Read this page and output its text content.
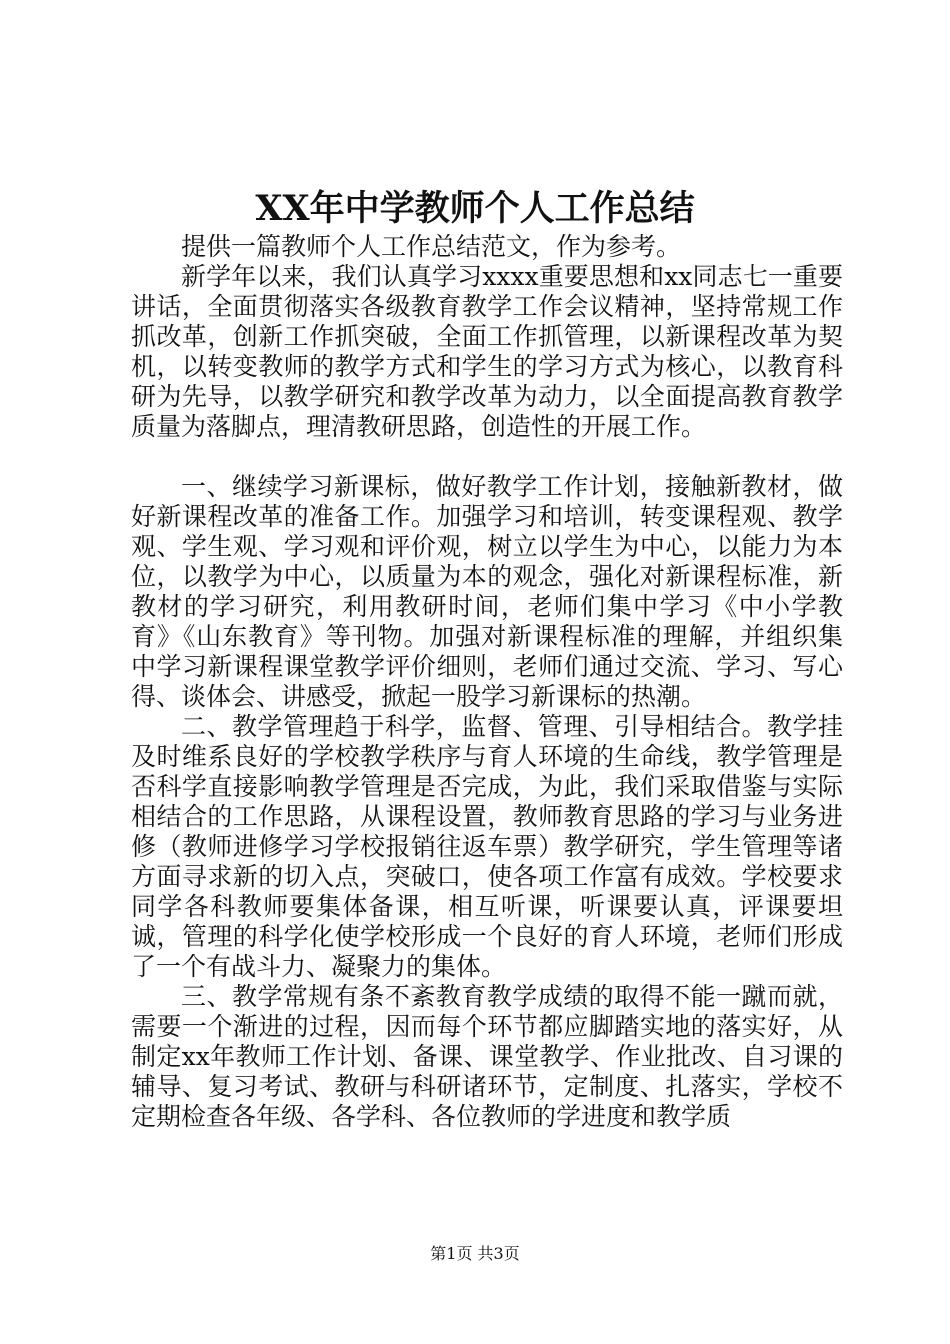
XX年中学教师个人工作总结

提供一篇教师个人工作总结范文，作为参考。

新学年以来，我们认真学习xxxx重要思想和xx同志七一重要讲话，全面贯彻落实各级教育教学工作会议精神，坚持常规工作抓改革，创新工作抓突破，全面工作抓管理，以新课程改革为契机，以转变教师的教学方式和学生的学习方式为核心，以教育科研为先导，以教学研究和教学改革为动力，以全面提高教育教学质量为落脚点，理清教研思路，创造性的开展工作。

一、继续学习新课标，做好教学工作计划，接触新教材，做好新课程改革的准备工作。加强学习和培训，转变课程观、教学观、学生观、学习观和评价观，树立以学生为中心，以能力为本位，以教学为中心，以质量为本的观念，强化对新课程标准，新教材的学习研究，利用教研时间，老师们集中学习《中小学教育》《山东教育》等刊物。加强对新课程标准的理解，并组织集中学习新课程课堂教学评价细则，老师们通过交流、学习、写心得、谈体会、讲感受，掀起一股学习新课标的热潮。

二、教学管理趋于科学，监督、管理、引导相结合。教学挂及时维系良好的学校教学秩序与育人环境的生命线，教学管理是否科学直接影响教学管理是否完成，为此，我们采取借鉴与实际相结合的工作思路，从课程设置，教师教育思路的学习与业务进修（教师进修学习学校报销往返车票）教学研究，学生管理等诸方面寻求新的切入点，突破口，使各项工作富有成效。学校要求同学各科教师要集体备课，相互听课，听课要认真，评课要坦诚，管理的科学化使学校形成一个良好的育人环境，老师们形成了一个有战斗力、凝聚力的集体。

三、教学常规有条不紊教育教学成绩的取得不能一蹴而就，需要一个渐进的过程，因而每个环节都应脚踏实地的落实好，从制定xx年教师工作计划、备课、课堂教学、作业批改、自习课的辅导、复习考试、教研与科研诸环节，定制度、扎落实，学校不定期检查各年级、各学科、各位教师的学进度和教学质

第1页 共3页
